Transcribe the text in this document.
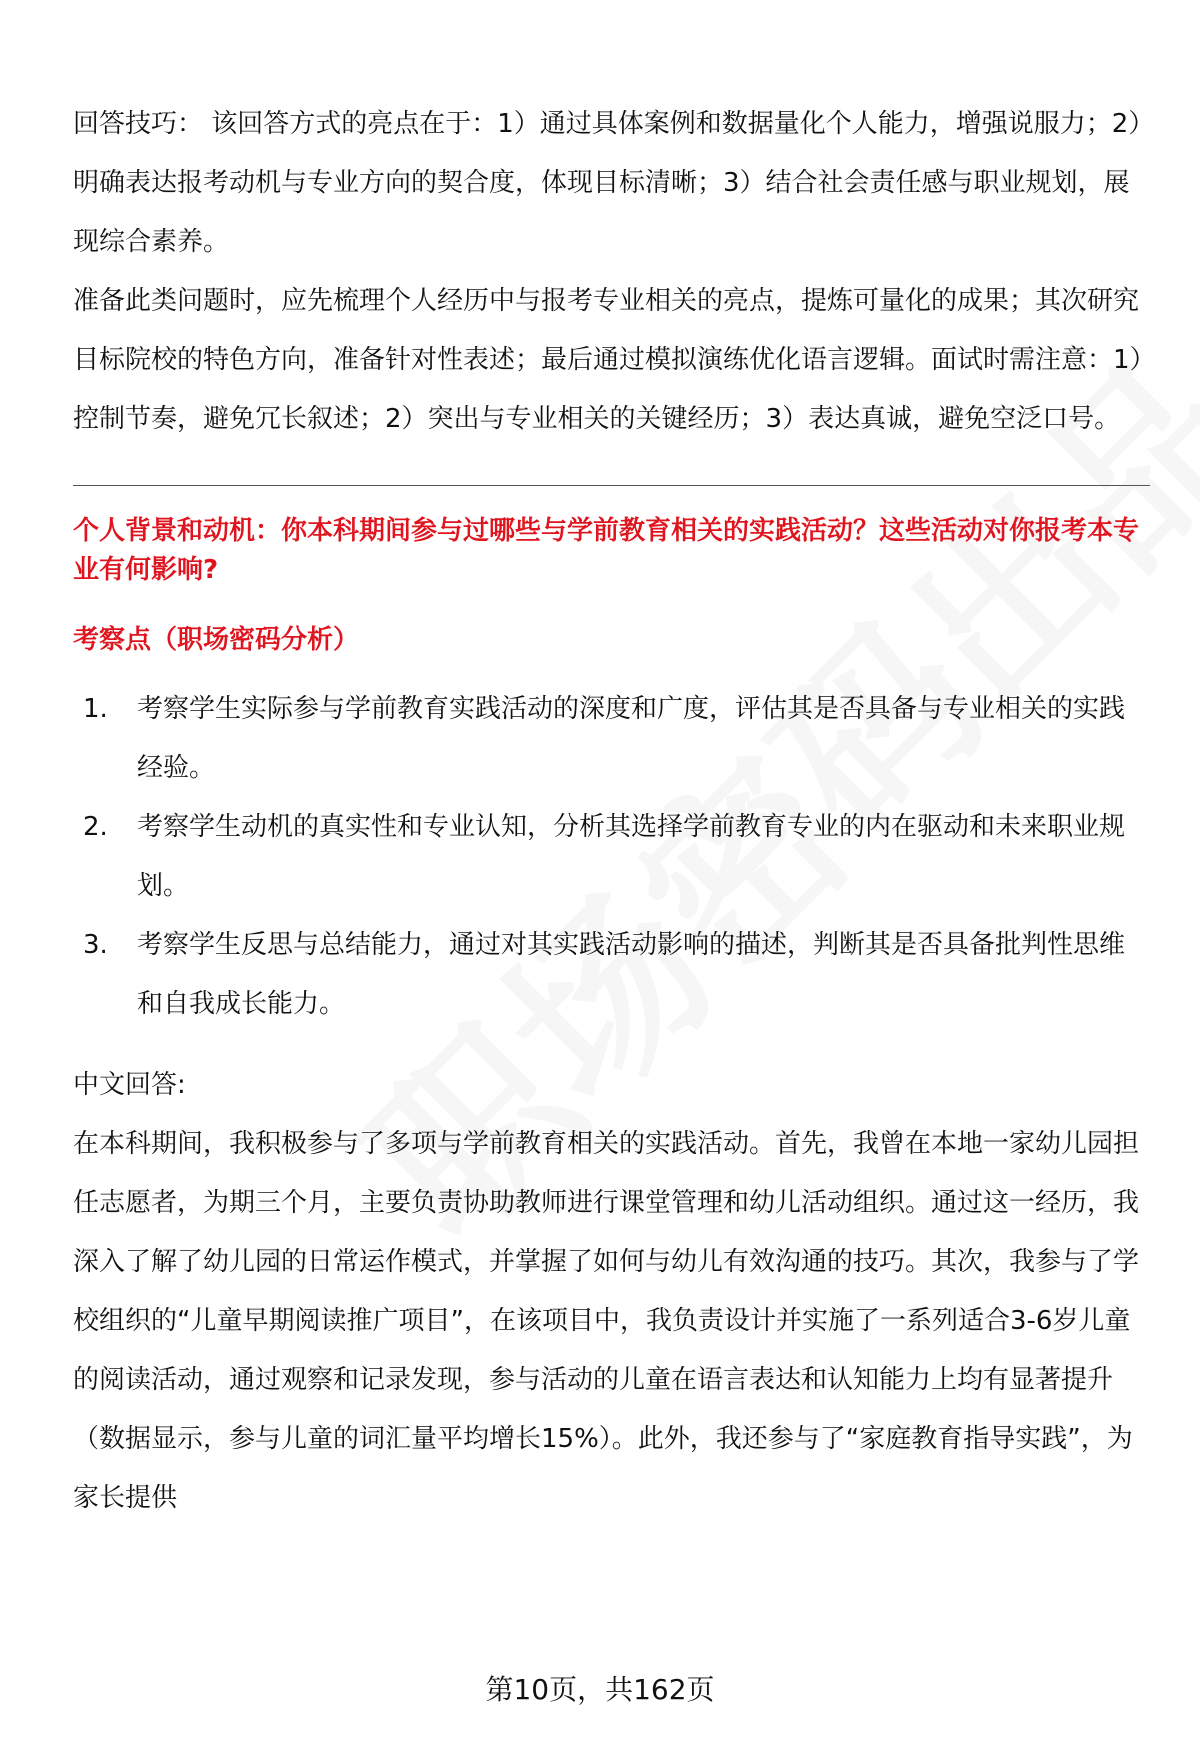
回答技巧： 该回答方式的亮点在于：1）通过具体案例和数据量化个人能力，增强说服力；2）明确表达报考动机与专业方向的契合度，体现目标清晰；3）结合社会责任感与职业规划，展现综合素养。

准备此类问题时，应先梳理个人经历中与报考专业相关的亮点，提炼可量化的成果；其次研究目标院校的特色方向，准备针对性表述；最后通过模拟演练优化语言逻辑。面试时需注意：1）控制节奏，避免冗长叙述；2）突出与专业相关的关键经历；3）表达真诚，避免空泛口号。

个人背景和动机：你本科期间参与过哪些与学前教育相关的实践活动？这些活动对你报考本专业有何影响?
考察点（职场密码分析）
1.	考察学生实际参与学前教育实践活动的深度和广度，评估其是否具备与专业相关的实践经验。
2.	考察学生动机的真实性和专业认知，分析其选择学前教育专业的内在驱动和未来职业规划。
3.	考察学生反思与总结能力，通过对其实践活动影响的描述，判断其是否具备批判性思维和自我成长能力。

中文回答:

在本科期间，我积极参与了多项与学前教育相关的实践活动。首先，我曾在本地一家幼儿园担任志愿者，为期三个月，主要负责协助教师进行课堂管理和幼儿活动组织。通过这一经历，我深入了解了幼儿园的日常运作模式，并掌握了如何与幼儿有效沟通的技巧。其次，我参与了学校组织的“儿童早期阅读推广项目”，在该项目中，我负责设计并实施了一系列适合3-6岁儿童的阅读活动，通过观察和记录发现，参与活动的儿童在语言表达和认知能力上均有显著提升（数据显示，参与儿童的词汇量平均增长15%）。此外，我还参与了“家庭教育指导实践”，为家长提供

第10页，共162页
